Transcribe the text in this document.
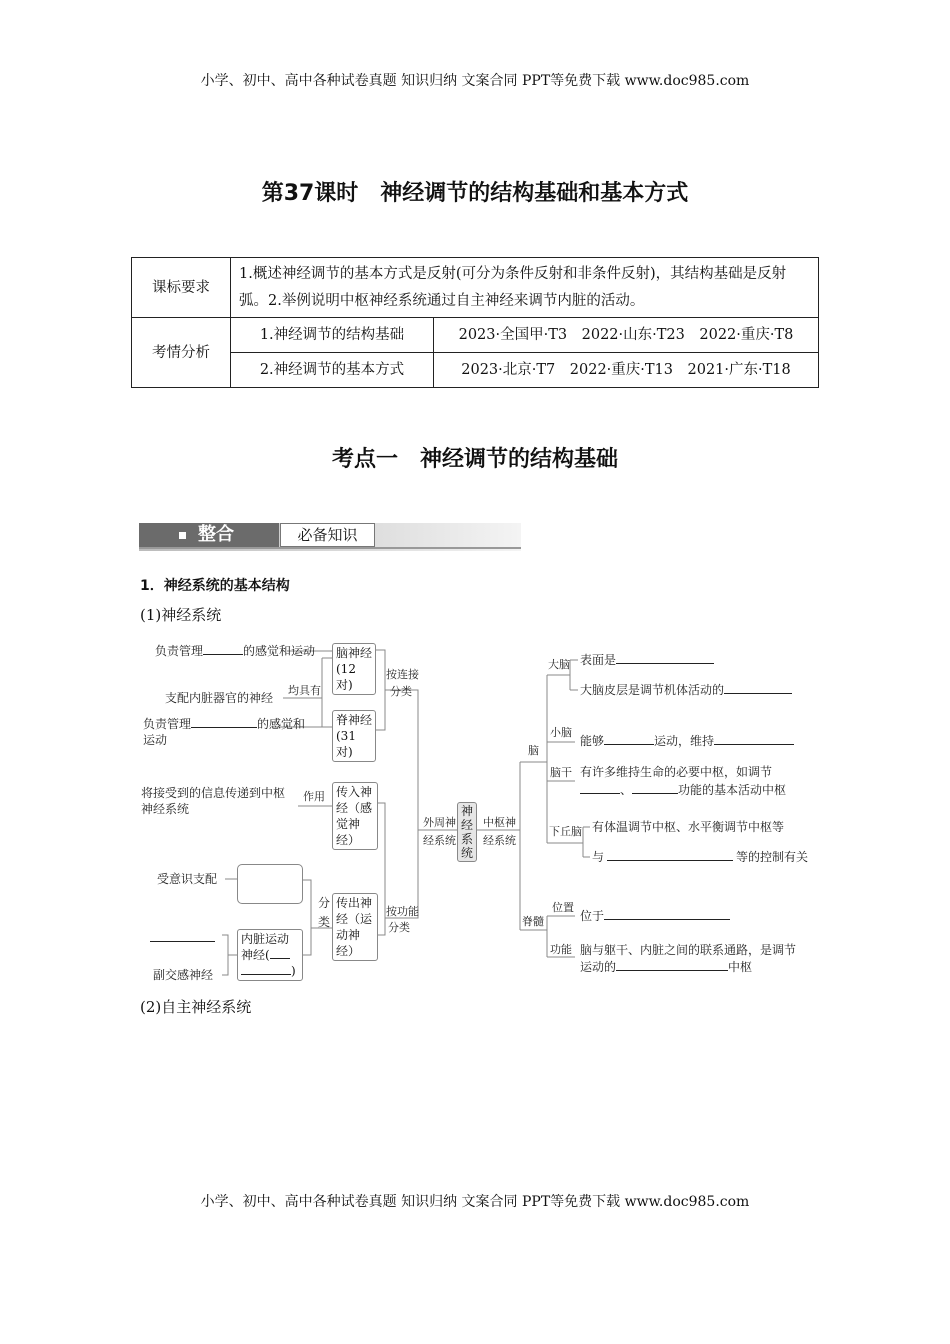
小学、初中、高中各种试卷真题 知识归纳 文案合同 PPT等免费下载 www.doc985.com
第37课时　神经调节的结构基础和基本方式
课标要求	1.概述神经调节的基本方式是反射(可分为条件反射和非条件反射)，其结构基础是反射弧。2.举例说明中枢神经系统通过自主神经来调节内脏的活动。	
考情分析	1.神经调节的结构基础	2023·全国甲·T3　2022·山东·T23　2022·重庆·T8
	2.神经调节的基本方式	2023·北京·T7　2022·重庆·T13　2021·广东·T18
考点一　神经调节的结构基础
整合	必备知识
1．神经系统的基本结构
(1)神经系统
负责管理	的感觉和运动 脑神经
(12对)
支配内脏器官的神经
均具有
负责管理	的感觉和
运动
脊神经
(31对)
按连接
分类
将接受到的信息传递到中枢
神经系统
作用 传入神
经（感
觉神经）
受意识支配
分
类
传出神
经（运
动神经）
副交感神经
内脏运动
神经(
)
按功能
分类
外周神
经系统
神
经
系
统
中枢神
经系统
脑
大脑 表面是
大脑皮层是调节机体活动的
小脑
能够	运动，维持
脑干 有许多维持生命的必要中枢，如调节
、	功能的基本活动中枢
下丘脑 有体温调节中枢、水平衡调节中枢等
与	等的控制有关
脊髓
位置
位于
功能 脑与躯干、内脏之间的联系通路，是调节
运动的	中枢
(2)自主神经系统
小学、初中、高中各种试卷真题 知识归纳 文案合同 PPT等免费下载 www.doc985.com
